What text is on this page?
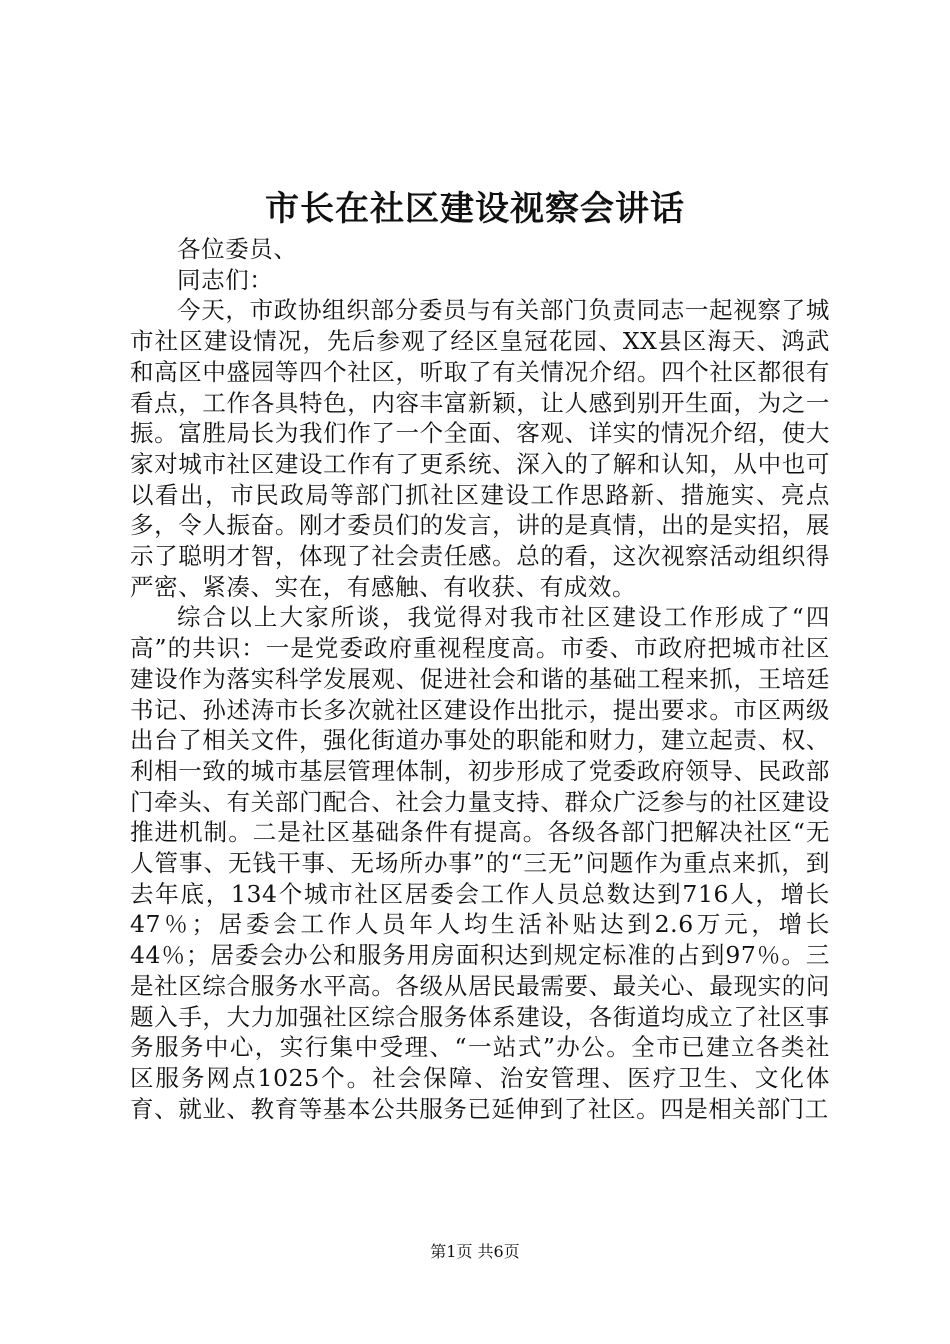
市长在社区建设视察会讲话

各位委员、

同志们：

今天，市政协组织部分委员与有关部门负责同志一起视察了城市社区建设情况，先后参观了经区皇冠花园、XX县区海天、鸿武和高区中盛园等四个社区，听取了有关情况介绍。四个社区都很有看点，工作各具特色，内容丰富新颖，让人感到别开生面，为之一振。富胜局长为我们作了一个全面、客观、详实的情况介绍，使大家对城市社区建设工作有了更系统、深入的了解和认知，从中也可以看出，市民政局等部门抓社区建设工作思路新、措施实、亮点多，令人振奋。刚才委员们的发言，讲的是真情，出的是实招，展示了聪明才智，体现了社会责任感。总的看，这次视察活动组织得严密、紧凑、实在，有感触、有收获、有成效。

综合以上大家所谈，我觉得对我市社区建设工作形成了“四高”的共识：一是党委政府重视程度高。市委、市政府把城市社区建设作为落实科学发展观、促进社会和谐的基础工程来抓，王培廷书记、孙述涛市长多次就社区建设作出批示，提出要求。市区两级出台了相关文件，强化街道办事处的职能和财力，建立起责、权、利相一致的城市基层管理体制，初步形成了党委政府领导、民政部门牵头、有关部门配合、社会力量支持、群众广泛参与的社区建设推进机制。二是社区基础条件有提高。各级各部门把解决社区“无人管事、无钱干事、无场所办事”的“三无”问题作为重点来抓，到去年底，134个城市社区居委会工作人员总数达到716人，增长47％；居委会工作人员年人均生活补贴达到2.6万元，增长44％；居委会办公和服务用房面积达到规定标准的占到97％。三是社区综合服务水平高。各级从居民最需要、最关心、最现实的问题入手，大力加强社区综合服务体系建设，各街道均成立了社区事务服务中心，实行集中受理、“一站式”办公。全市已建立各类社区服务网点1025个。社会保障、治安管理、医疗卫生、文化体育、就业、教育等基本公共服务已延伸到了社区。四是相关部门工

第1页 共6页
